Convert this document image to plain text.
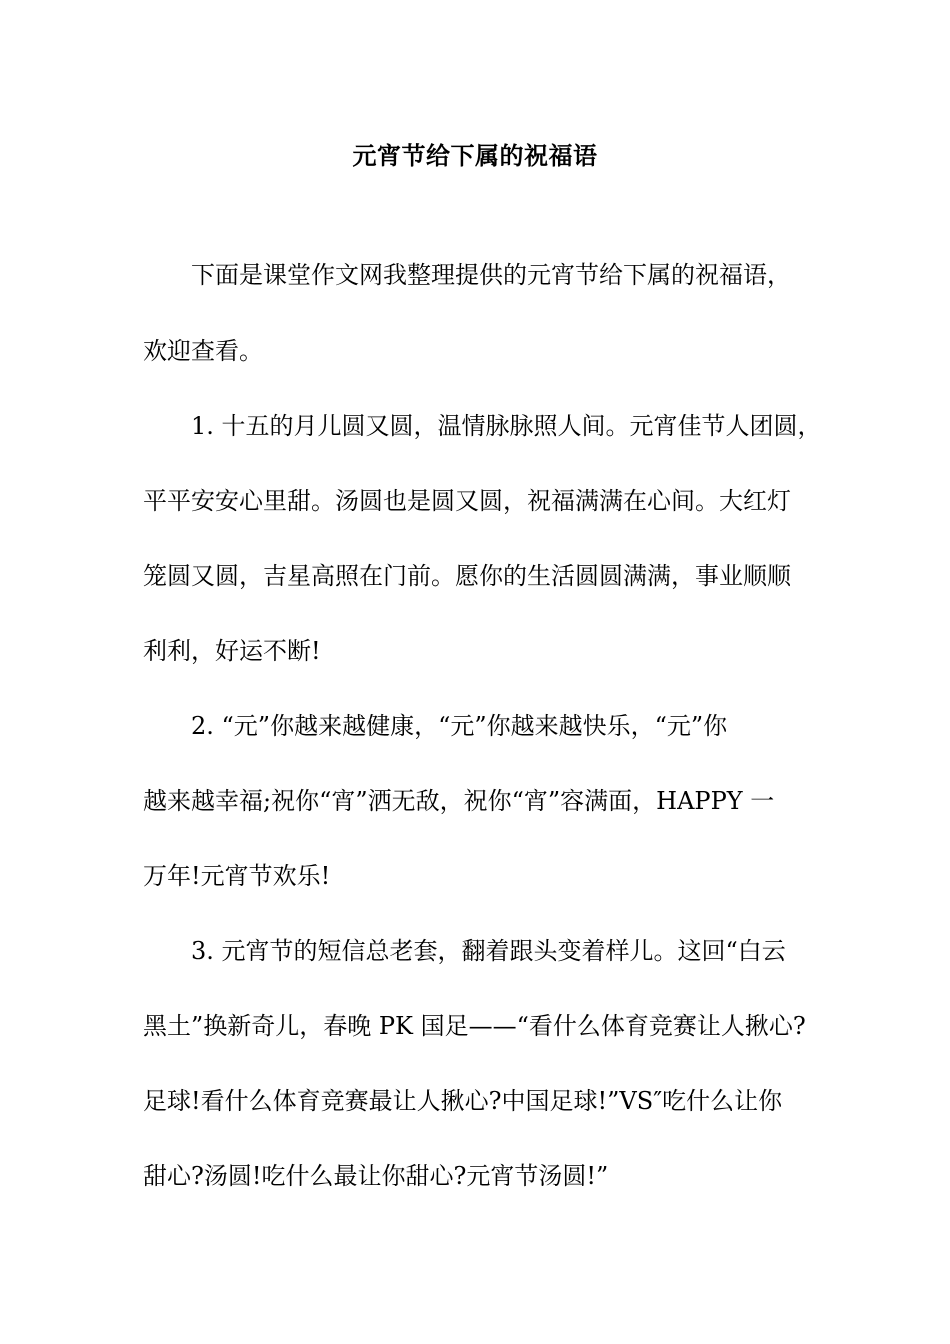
元宵节给下属的祝福语
下面是课堂作文网我整理提供的元宵节给下属的祝福语，
欢迎查看。
1. 十五的月儿圆又圆，温情脉脉照人间。元宵佳节人团圆，
平平安安心里甜。汤圆也是圆又圆，祝福满满在心间。大红灯
笼圆又圆，吉星高照在门前。愿你的生活圆圆满满，事业顺顺
利利，好运不断!
2. “元”你越来越健康，“元”你越来越快乐，“元”你
越来越幸福;祝你“宵”洒无敌，祝你“宵”容满面，HAPPY 一
万年!元宵节欢乐!
3. 元宵节的短信总老套，翻着跟头变着样儿。这回“白云
黑土”换新奇儿，春晚 PK 国足——“看什么体育竞赛让人揪心?
足球!看什么体育竞赛最让人揪心?中国足球!”VS″吃什么让你
甜心?汤圆!吃什么最让你甜心?元宵节汤圆!”
